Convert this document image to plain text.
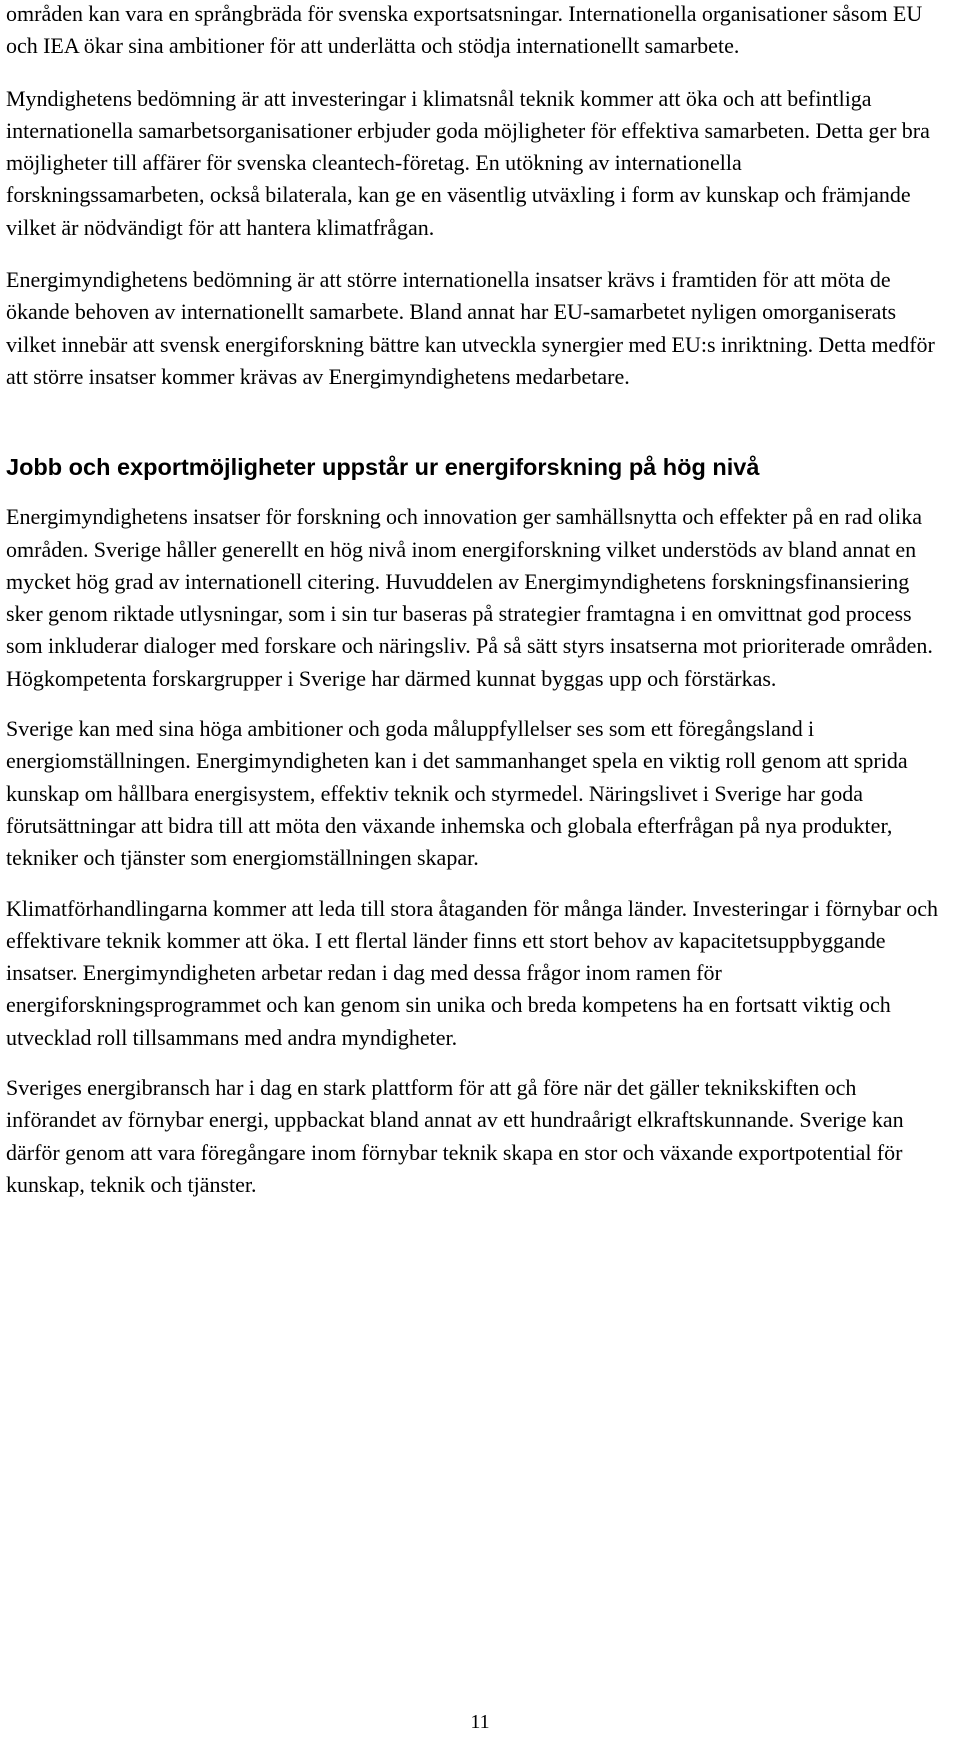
områden kan vara en språngbräda för svenska exportsatsningar. Internationella organisationer såsom EU och IEA ökar sina ambitioner för att underlätta och stödja internationellt samarbete.

Myndighetens bedömning är att investeringar i klimatsnål teknik kommer att öka och att befintliga internationella samarbetsorganisationer erbjuder goda möjligheter för effektiva samarbeten. Detta ger bra möjligheter till affärer för svenska cleantech-företag. En utökning av internationella forskningssamarbeten, också bilaterala, kan ge en väsentlig utväxling i form av kunskap och främjande vilket är nödvändigt för att hantera klimatfrågan.

Energimyndighetens bedömning är att större internationella insatser krävs i framtiden för att möta de ökande behoven av internationellt samarbete. Bland annat har EU-samarbetet nyligen omorganiserats vilket innebär att svensk energiforskning bättre kan utveckla synergier med EU:s inriktning. Detta medför att större insatser kommer krävas av Energimyndighetens medarbetare.

Jobb och exportmöjligheter uppstår ur energiforskning på hög nivå

Energimyndighetens insatser för forskning och innovation ger samhällsnytta och effekter på en rad olika områden. Sverige håller generellt en hög nivå inom energiforskning vilket understöds av bland annat en mycket hög grad av internationell citering. Huvuddelen av Energimyndighetens forskningsfinansiering sker genom riktade utlysningar, som i sin tur baseras på strategier framtagna i en omvittnat god process som inkluderar dialoger med forskare och näringsliv. På så sätt styrs insatserna mot prioriterade områden. Högkompetenta forskargrupper i Sverige har därmed kunnat byggas upp och förstärkas.

Sverige kan med sina höga ambitioner och goda måluppfyllelser ses som ett föregångsland i energiomställningen. Energimyndigheten kan i det sammanhanget spela en viktig roll genom att sprida kunskap om hållbara energisystem, effektiv teknik och styrmedel. Näringslivet i Sverige har goda förutsättningar att bidra till att möta den växande inhemska och globala efterfrågan på nya produkter, tekniker och tjänster som energiomställningen skapar.

Klimatförhandlingarna kommer att leda till stora åtaganden för många länder. Investeringar i förnybar och effektivare teknik kommer att öka. I ett flertal länder finns ett stort behov av kapacitetsuppbyggande insatser. Energimyndigheten arbetar redan i dag med dessa frågor inom ramen för energiforskningsprogrammet och kan genom sin unika och breda kompetens ha en fortsatt viktig och utvecklad roll tillsammans med andra myndigheter.

Sveriges energibransch har i dag en stark plattform för att gå före när det gäller teknikskiften och införandet av förnybar energi, uppbackat bland annat av ett hundraårigt elkraftskunnande. Sverige kan därför genom att vara föregångare inom förnybar teknik skapa en stor och växande exportpotential för kunskap, teknik och tjänster.

11
